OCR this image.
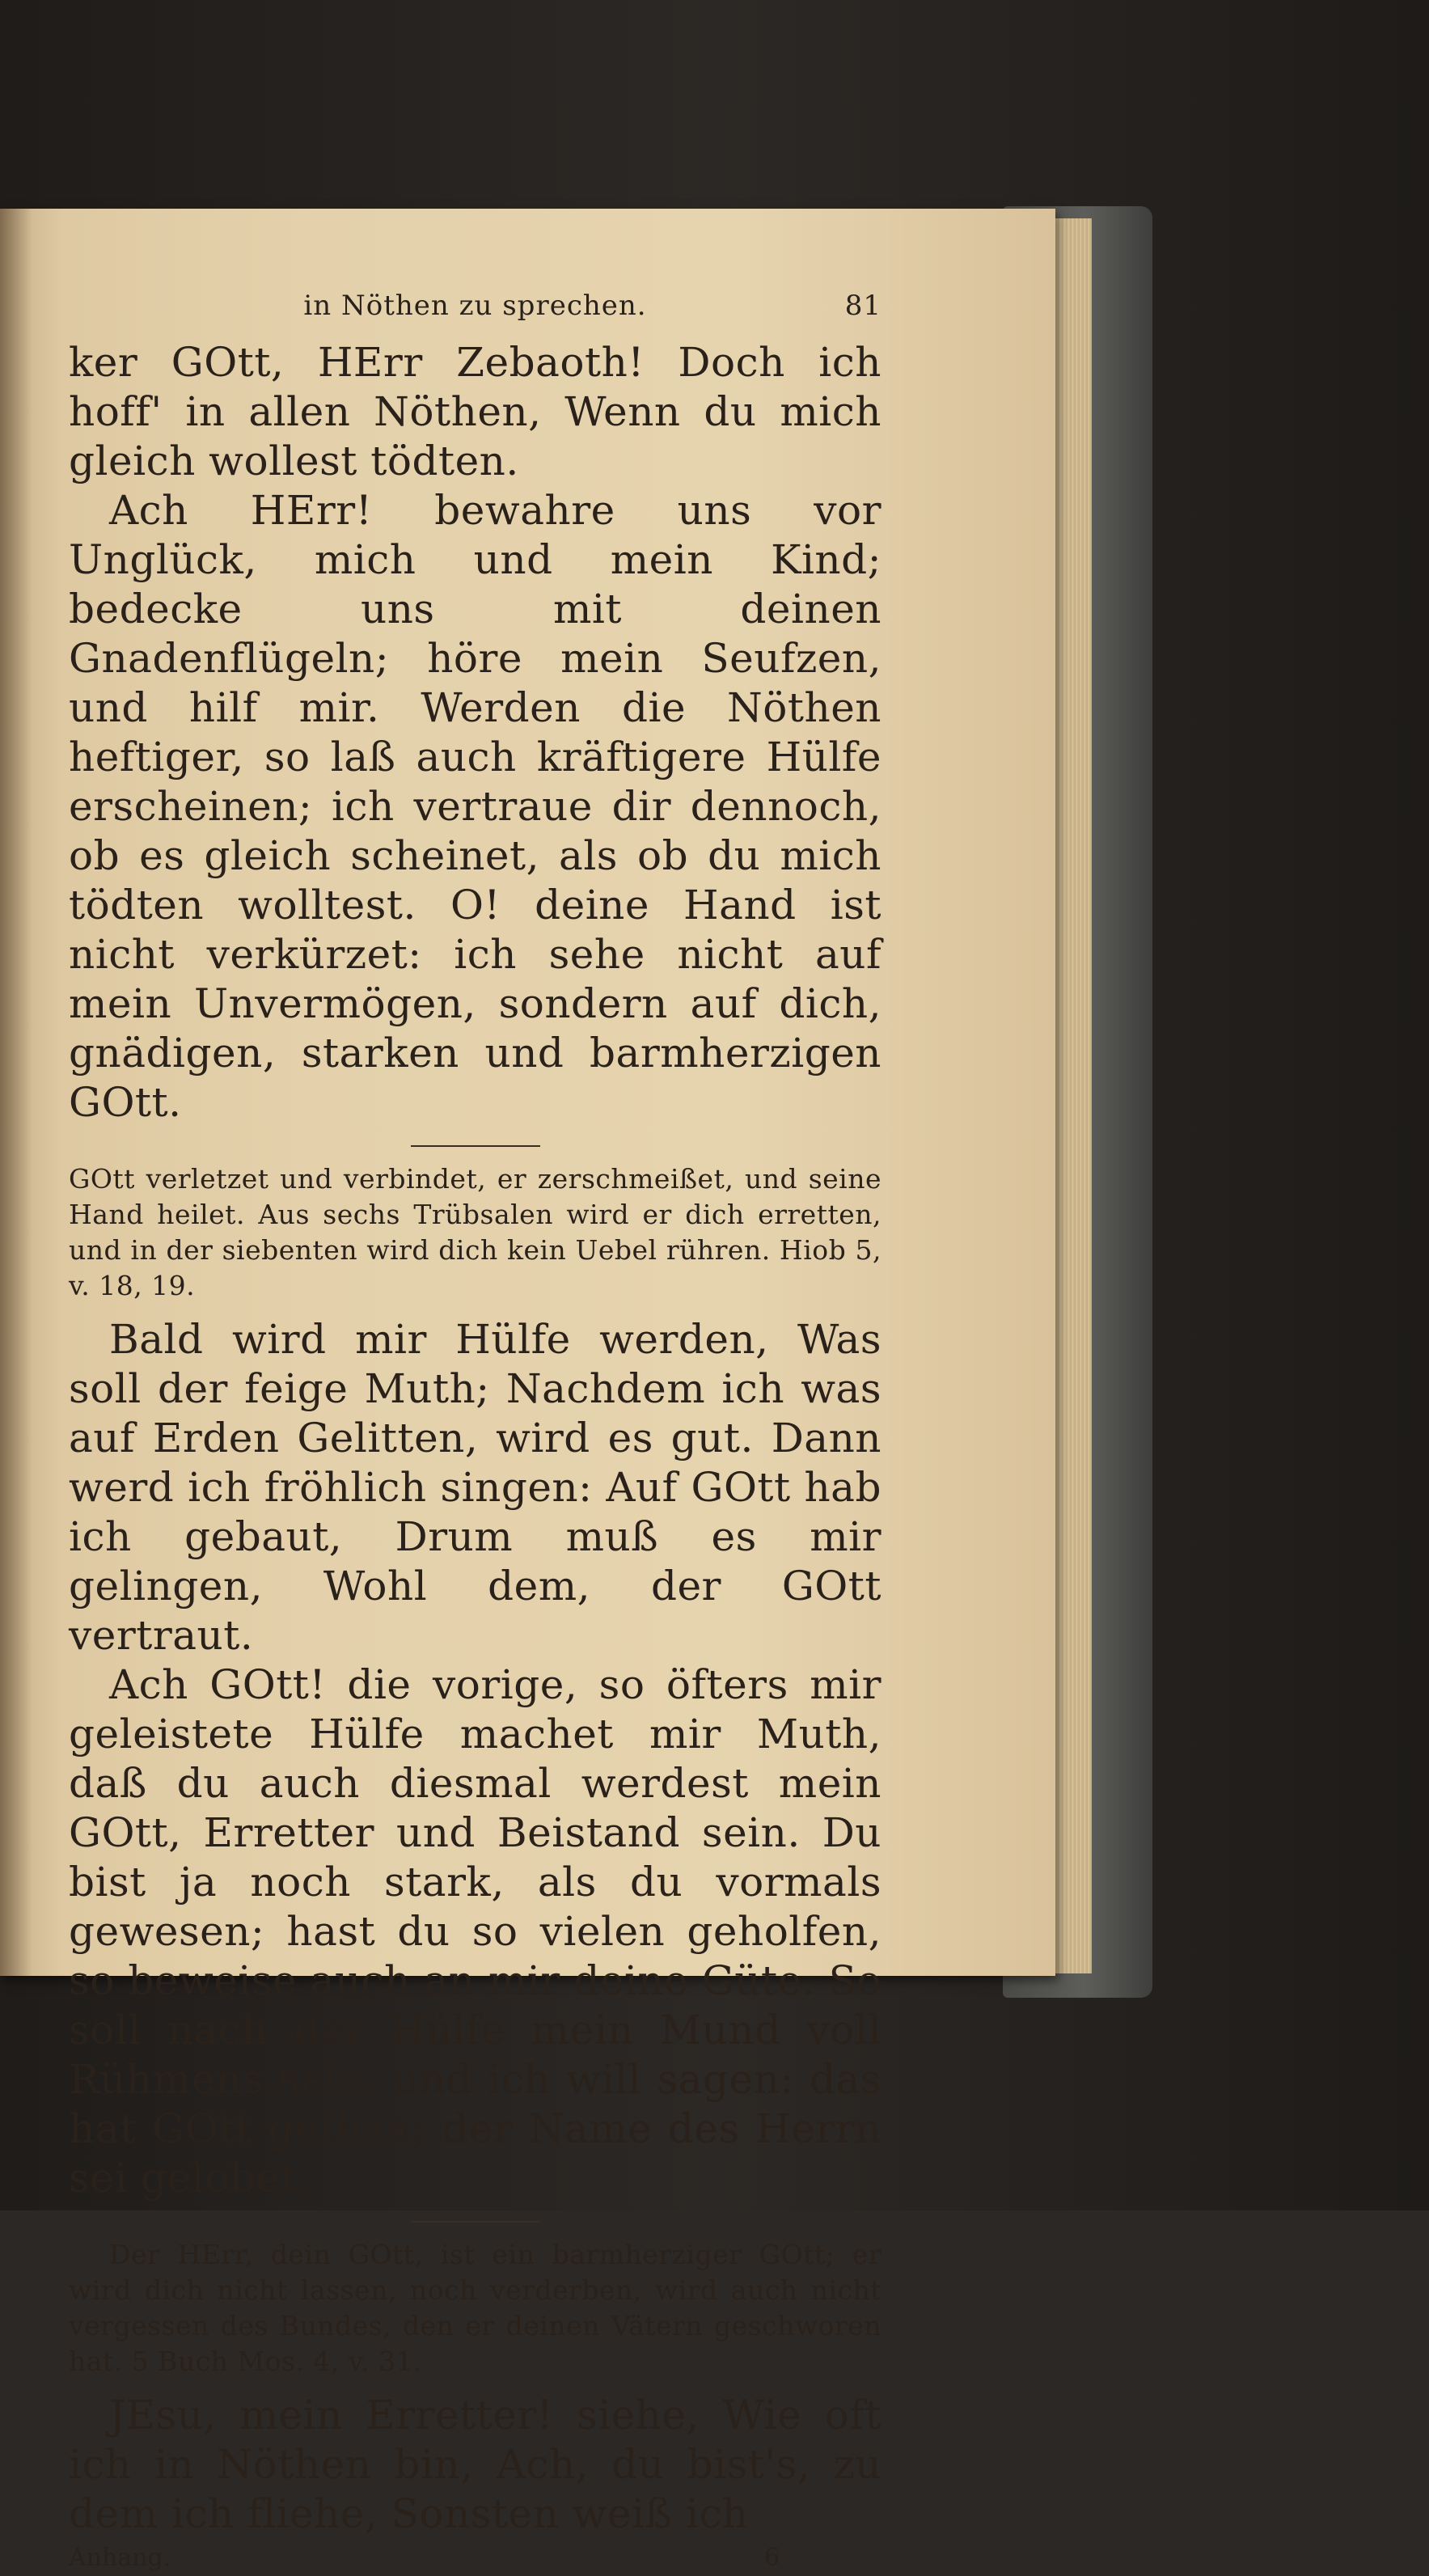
in Nöthen zu sprechen.	81

ker GOtt, HErr Zebaoth! Doch ich hoff' in allen Nöthen, Wenn du mich gleich wollest tödten.

Ach HErr! bewahre uns vor Unglück, mich und mein Kind; bedecke uns mit deinen Gnadenflügeln; höre mein Seufzen, und hilf mir. Werden die Nöthen heftiger, so laß auch kräftigere Hülfe erscheinen; ich vertraue dir dennoch, ob es gleich scheinet, als ob du mich tödten wolltest. O! deine Hand ist nicht verkürzet: ich sehe nicht auf mein Unvermögen, sondern auf dich, gnädigen, starken und barmherzigen GOtt.

GOtt verletzet und verbindet, er zerschmeißet, und seine Hand heilet. Aus sechs Trübsalen wird er dich erretten, und in der siebenten wird dich kein Uebel rühren. Hiob 5, v. 18, 19.

Bald wird mir Hülfe werden, Was soll der feige Muth; Nachdem ich was auf Erden Gelitten, wird es gut. Dann werd ich fröhlich singen: Auf GOtt hab ich gebaut, Drum muß es mir gelingen, Wohl dem, der GOtt vertraut.

Ach GOtt! die vorige, so öfters mir geleistete Hülfe machet mir Muth, daß du auch diesmal werdest mein GOtt, Erretter und Beistand sein. Du bist ja noch stark, als du vormals gewesen; hast du so vielen geholfen, so beweise auch an mir deine Güte. So soll nach der Hülfe mein Mund voll Rühmens sein, und ich will sagen: das hat GOtt gethan; der Name des Herrn sei gelobet.

Der HErr, dein GOtt, ist ein barmherziger GOtt; er wird dich nicht lassen, noch verderben, wird auch nicht vergessen des Bundes, den er deinen Vätern geschworen hat. 5 Buch Mos. 4, v. 31.

JEsu, mein Erretter! siehe, Wie oft ich in Nöthen bin, Ach, du bist's, zu dem ich fliehe, Sonsten weiß ich

Anhang.	6
